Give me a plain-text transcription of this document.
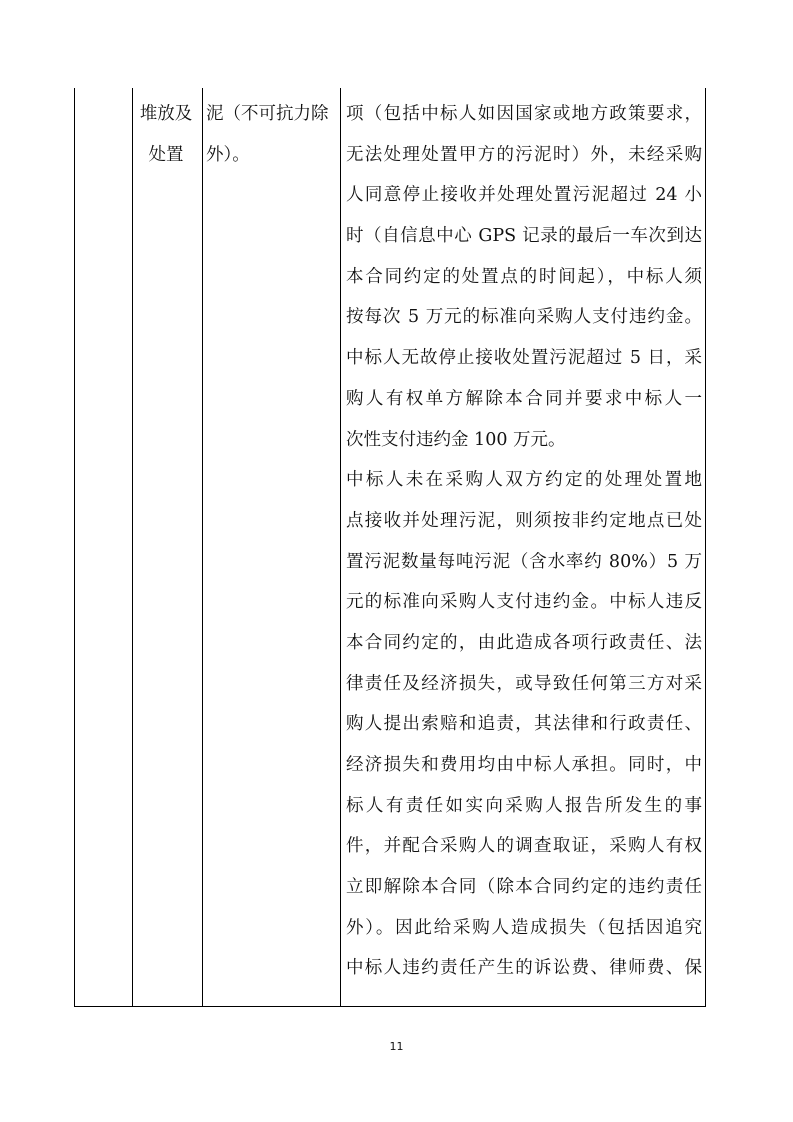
堆放及
处置
泥（不可抗力除
外）。
项（包括中标人如因国家或地方政策要求，
无法处理处置甲方的污泥时）外，未经采购
人同意停止接收并处理处置污泥超过 24 小
时（自信息中心 GPS 记录的最后一车次到达
本合同约定的处置点的时间起），中标人须
按每次 5 万元的标准向采购人支付违约金。
中标人无故停止接收处置污泥超过 5 日，采
购人有权单方解除本合同并要求中标人一
次性支付违约金 100 万元。
中标人未在采购人双方约定的处理处置地
点接收并处理污泥，则须按非约定地点已处
置污泥数量每吨污泥（含水率约 80%）5 万
元的标准向采购人支付违约金。中标人违反
本合同约定的，由此造成各项行政责任、法
律责任及经济损失，或导致任何第三方对采
购人提出索赔和追责，其法律和行政责任、
经济损失和费用均由中标人承担。同时，中
标人有责任如实向采购人报告所发生的事
件，并配合采购人的调查取证，采购人有权
立即解除本合同（除本合同约定的违约责任
外）。因此给采购人造成损失（包括因追究
中标人违约责任产生的诉讼费、律师费、保
11
